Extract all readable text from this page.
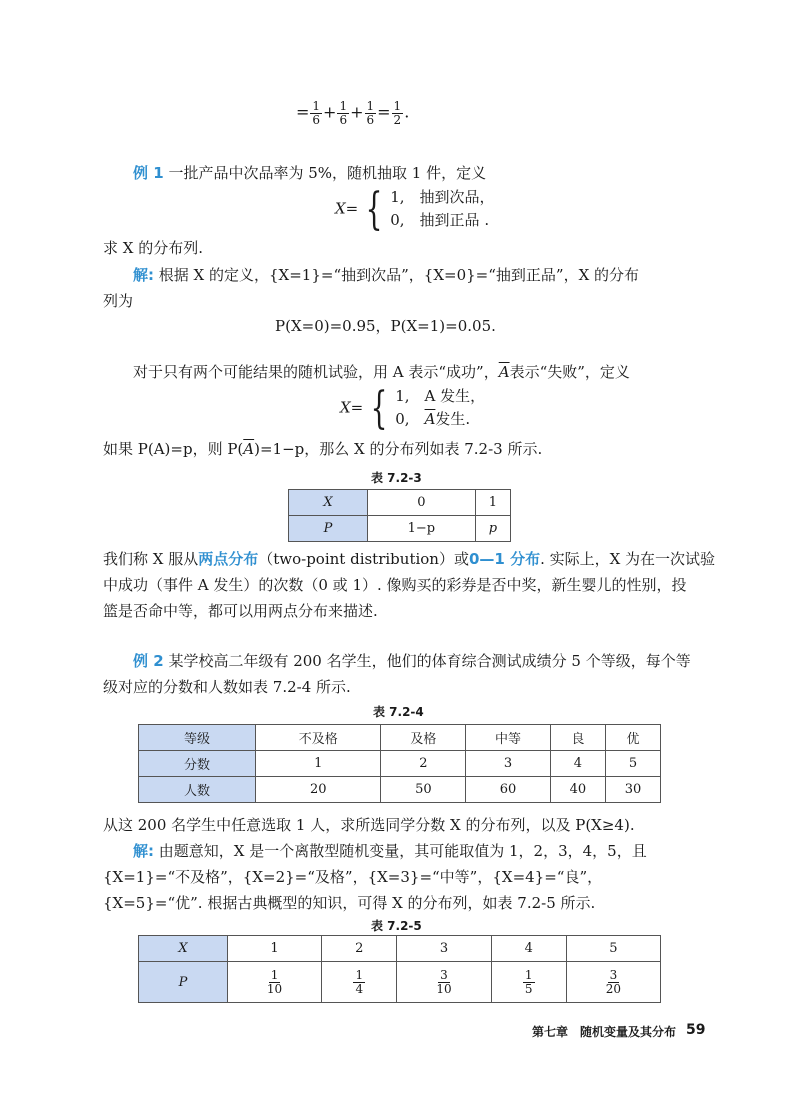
= $\frac{1}{6} + \frac{1}{6} + \frac{1}{6} = \frac{1}{2}$ .
例 1 一批产品中次品率为 5%，随机抽取 1 件，定义
X= { 1,　抽到次品，
0,　抽到正品 .
求 X 的分布列.
解: 根据 X 的定义，{X=1}=“抽到次品”，{X=0}=“抽到正品”，X 的分布
列为
P(X=0)=0.95，P(X=1)=0.05.
对于只有两个可能结果的随机试验，用 A 表示“成功”，$\overline{A}$表示“失败”，定义
X= { 1,　A 发生，
0,　$\overline{A}$发生.
如果 P(A)=p，则 $P(\overline{A})=1-p$，那么 X 的分布列如表 7.2-3 所示.
表 7.2-3
X	0	1
P	1−p	p
我们称 X 服从两点分布（two-point distribution）或0—1 分布. 实际上，X 为在一次试验
中成功（事件 A 发生）的次数（0 或 1）. 像购买的彩券是否中奖，新生婴儿的性别，投
篮是否命中等，都可以用两点分布来描述.
例 2 某学校高二年级有 200 名学生，他们的体育综合测试成绩分 5 个等级，每个等
级对应的分数和人数如表 7.2-4 所示.
表 7.2-4
等级	不及格	及格	中等	良	优
分数	1	2	3	4	5
人数	20	50	60	40	30
从这 200 名学生中任意选取 1 人，求所选同学分数 X 的分布列，以及 P(X≥4).
解: 由题意知，X 是一个离散型随机变量，其可能取值为 1，2，3，4，5，且
{X=1}=“不及格”，{X=2}=“及格”，{X=3}=“中等”，{X=4}=“良”，
{X=5}=“优”. 根据古典概型的知识，可得 X 的分布列，如表 7.2-5 所示.
表 7.2-5
X	1	2	3	4	5
P	$\frac{1}{10}$	$\frac{1}{4}$	$\frac{3}{10}$	$\frac{1}{5}$	$\frac{3}{20}$
第七章　随机变量及其分布 59
